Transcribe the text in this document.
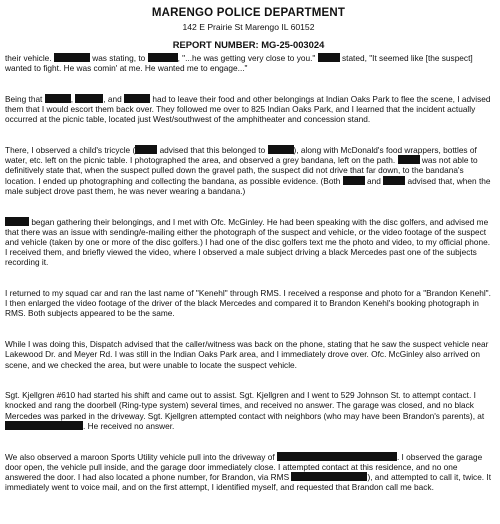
MARENGO POLICE DEPARTMENT
142 E Prairie St Marengo IL 60152
REPORT NUMBER: MG-25-003024

their vehicle.	was stating, to	, "...he was getting very close to you."	stated, "It seemed like [the suspect] wanted to fight. He was comin' at me. He wanted me to engage..."

Being that	,	, and	had to leave their food and other belongings at Indian Oaks Park to flee the scene, I advised them that I would escort them back over. They followed me over to 825 Indian Oaks Park, and I learned that the incident actually occurred at the picnic table, located just West/southwest of the amphitheater and concession stand.

There, I observed a child's tricycle (	advised that this belonged to	), along with McDonald's food wrappers, bottles of water, etc. left on the picnic table. I photographed the area, and observed a grey bandana, left on the path.	was not able to definitively state that, when the suspect pulled down the gravel path, the suspect did not drive that far down, to the bandana's location. I ended up photographing and collecting the bandana, as possible evidence. (Both	and	advised that, when the male subject drove past them, he was never wearing a bandana.)

began gathering their belongings, and I met with Ofc. McGinley. He had been speaking with the disc golfers, and advised me that there was an issue with sending/e-mailing either the photograph of the suspect and vehicle, or the video footage of the suspect and vehicle (taken by one or more of the disc golfers.) I had one of the disc golfers text me the photo and video, to my official phone. I received them, and briefly viewed the video, where I observed a male subject driving a black Mercedes past one of the subjects recording it.

I returned to my squad car and ran the last name of "Kenehl" through RMS. I received a response and photo for a "Brandon Kenehl". I then enlarged the video footage of the driver of the black Mercedes and compared it to Brandon Kenehl's booking photograph in RMS. Both subjects appeared to be the same.

While I was doing this, Dispatch advised that the caller/witness was back on the phone, stating that he saw the suspect vehicle near Lakewood Dr. and Meyer Rd. I was still in the Indian Oaks Park area, and I immediately drove over. Ofc. McGinley also arrived on scene, and we checked the area, but were unable to locate the suspect vehicle.

Sgt. Kjellgren #610 had started his shift and came out to assist. Sgt. Kjellgren and I went to 529 Johnson St. to attempt contact. I knocked and rang the doorbell (Ring-type system) several times, and received no answer. The garage was closed, and no black Mercedes was parked in the driveway. Sgt. Kjellgren attempted contact with neighbors (who may have been Brandon's parents), at . He received no answer.

We also observed a maroon Sports Utility vehicle pull into the driveway of	. I observed the garage door open, the vehicle pull inside, and the garage door immediately close. I attempted contact at this residence, and no one answered the door. I had also located a phone number, for Brandon, via RMS	), and attempted to call it, twice. It immediately went to voice mail, and on the first attempt, I identified myself, and requested that Brandon call me back.
